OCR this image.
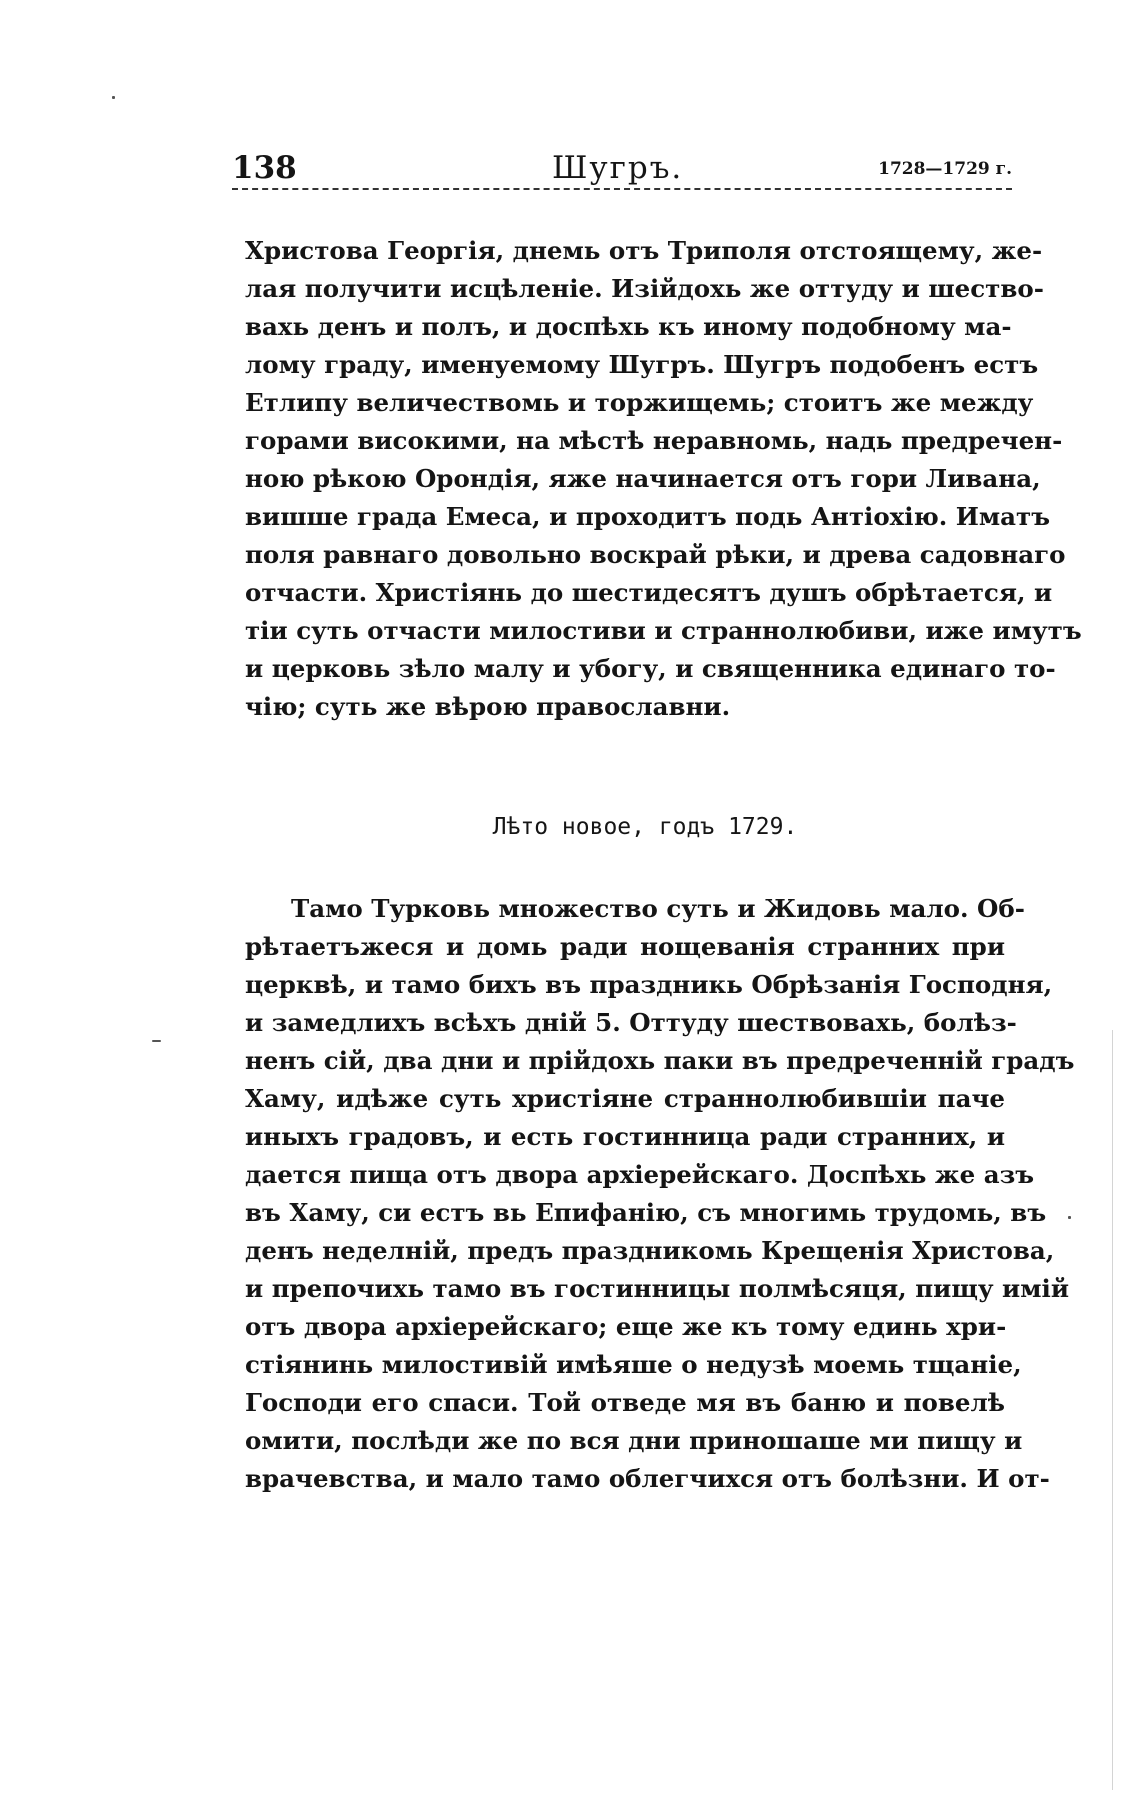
138	Шугръ.	1728—1729 г.

Христова Георгія, днемь отъ Триполя отстоящему, же-
лая получити исцѣленіе. Изійдохь же оттуду и шество-
вахь денъ и полъ, и доспѣхь къ иному подобному ма-
лому граду, именуемому Шугръ. Шугръ подобенъ естъ
Етлипу величествомь и торжищемь; стоитъ же между
горами високими, на мѣстѣ неравномь, надь предречен-
ною рѣкою Орондія, яже начинается отъ гори Ливана,
вишше града Емеса, и проходитъ подь Антіохію. Иматъ
поля равнаго довольно воскрай рѣки, и древа садовнаго
отчасти. Христіянь до шестидесятъ душъ обрѣтается, и
тіи суть отчасти милостиви и страннолюбиви, иже имутъ
и церковь зѣло малу и убогу, и священника единаго то-
чію; суть же вѣрою православни.

Лѣто новое, годъ 1729.

Тамо Турковь множество суть и Жидовь мало. Об-
рѣтаетъжеся и домь ради нощеванія странних при
церквѣ, и тамо бихъ въ праздникь Обрѣзанія Господня,
и замедлихъ всѣхъ дній 5. Оттуду шествовахь, болѣз-
ненъ сій, два дни и прійдохь паки въ предреченній градъ
Хаму, идѣже суть христіяне страннолюбившіи паче
иныхъ градовъ, и есть гостинница ради странних, и
дается пища отъ двора архіерейскаго. Доспѣхь же азъ
въ Хаму, си естъ вь Епифанію, съ многимь трудомь, въ
денъ неделній, предъ праздникомь Крещенія Христова,
и препочихь тамо въ гостинницы полмѣсяця, пищу имій
отъ двора архіерейскаго; еще же къ тому единь хри-
стіянинь милостивій имѣяше о недузѣ моемь тщаніе,
Господи его спаси. Той отведе мя въ баню и повелѣ
омити, послѣди же по вся дни приношаше ми пищу и
врачевства, и мало тамо облегчихся отъ болѣзни. И от-
